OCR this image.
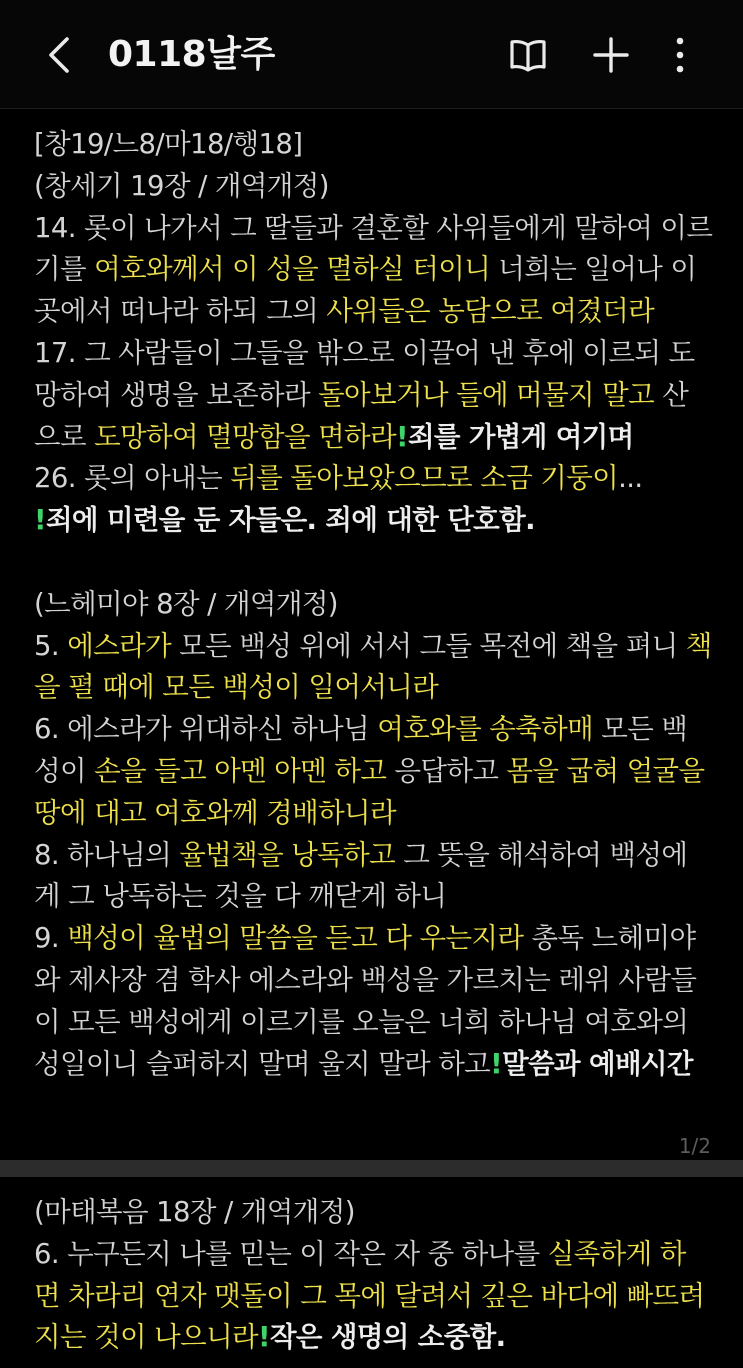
0118날주
[창19/느8/마18/행18]
(창세기 19장 / 개역개정)
14. 롯이 나가서 그 딸들과 결혼할 사위들에게 말하여 이르
기를 여호와께서 이 성을 멸하실 터이니 너희는 일어나 이
곳에서 떠나라 하되 그의 사위들은 농담으로 여겼더라
17. 그 사람들이 그들을 밖으로 이끌어 낸 후에 이르되 도
망하여 생명을 보존하라 돌아보거나 들에 머물지 말고 산
으로 도망하여 멸망함을 면하라!죄를 가볍게 여기며
26. 롯의 아내는 뒤를 돌아보았으므로 소금 기둥이...
!죄에 미련을 둔 자들은. 죄에 대한 단호함.
(느헤미야 8장 / 개역개정)
5. 에스라가 모든 백성 위에 서서 그들 목전에 책을 펴니 책
을 펼 때에 모든 백성이 일어서니라
6. 에스라가 위대하신 하나님 여호와를 송축하매 모든 백
성이 손을 들고 아멘 아멘 하고 응답하고 몸을 굽혀 얼굴을
땅에 대고 여호와께 경배하니라
8. 하나님의 율법책을 낭독하고 그 뜻을 해석하여 백성에
게 그 낭독하는 것을 다 깨닫게 하니
9. 백성이 율법의 말씀을 듣고 다 우는지라 총독 느헤미야
와 제사장 겸 학사 에스라와 백성을 가르치는 레위 사람들
이 모든 백성에게 이르기를 오늘은 너희 하나님 여호와의
성일이니 슬퍼하지 말며 울지 말라 하고!말씀과 예배시간
1/2
(마태복음 18장 / 개역개정)
6. 누구든지 나를 믿는 이 작은 자 중 하나를 실족하게 하
면 차라리 연자 맷돌이 그 목에 달려서 깊은 바다에 빠뜨려
지는 것이 나으니라!작은 생명의 소중함.
